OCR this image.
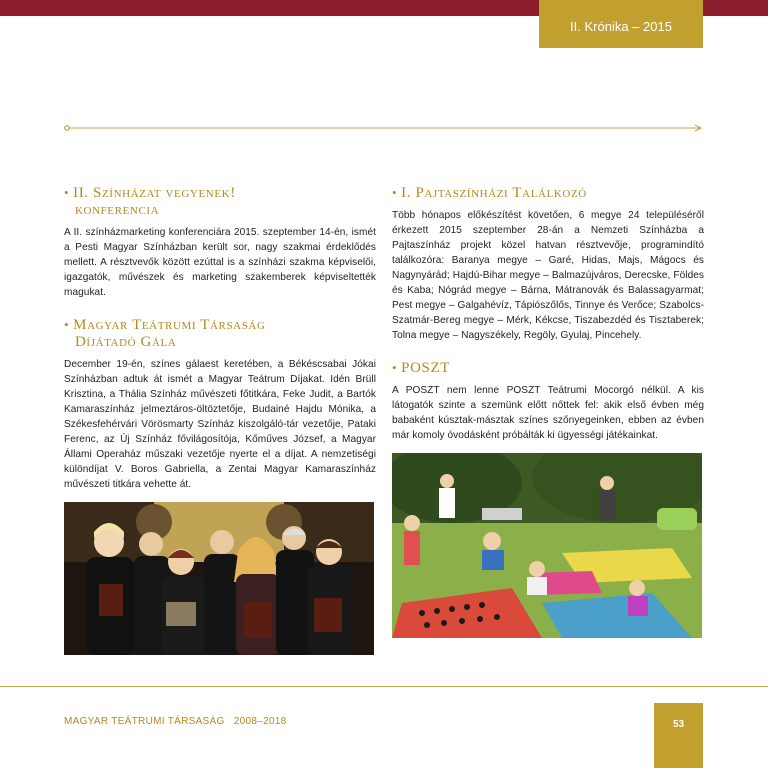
II. Krónika – 2015
• II. Színházat vegyenek!
konferencia

A II. színházmarketing konferenciára 2015. szeptember 14-én, ismét a Pesti Magyar Színházban került sor, nagy szakmai érdeklődés mellett. A résztvevők között ezúttal is a színházi szakma képviselői, igazgatók, művészek és marketing szakemberek képviseltették magukat.

• Magyar Teátrumi Társaság
Díjátadó Gála

December 19-én, színes gálaest keretében, a Békéscsabai Jókai Színházban adtuk át ismét a Magyar Teátrum Díjakat. Idén Brüll Krisztina, a Thália Színház művészeti főtitkára, Feke Judit, a Bartók Kamaraszínház jelmeztáros-öltöztetője, Budainé Hajdu Mónika, a Székesfehérvári Vörösmarty Színház kiszolgáló-tár vezetője, Pataki Ferenc, az Új Színház fővilágosítója, Kőműves József, a Magyar Állami Operaház műszaki vezetője nyerte el a díjat. A nemzetiségi különdíjat V. Boros Gabriella, a Zentai Magyar Kamaraszínház művészeti titkára vehette át.

• I. Pajtaszínházi Találkozó

Több hónapos előkészítést követően, 6 megye 24 településéről érkezett 2015 szeptember 28-án a Nemzeti Színházba a Pajtaszínház projekt közel hatvan résztvevője, programindító találkozóra: Baranya megye – Garé, Hidas, Majs, Mágocs és Nagynyárád; Hajdú-Bihar megye – Balmazújváros, Derecske, Földes és Kaba; Nógrád megye – Bárna, Mátranovák és Balassagyarmat; Pest megye – Galgahévíz, Tápiószőlős, Tinnye és Verőce; Szabolcs-Szatmár-Bereg megye – Mérk, Kékcse, Tiszabezdéd és Tisztaberek; Tolna megye – Nagyszékely, Regöly, Gyulaj, Pincehely.

• POSZT

A POSZT nem lenne POSZT Teátrumi Mocorgó nélkül. A kis látogatók szinte a szemünk előtt nőttek fel: akik első évben még babaként kúsztak-másztak színes szőnyegeinken, ebben az évben már komoly óvodásként próbálták ki ügyességi játékainkat.

MAGYAR TEÁTRUMI TÁRSASÁG   2008–2018	53
